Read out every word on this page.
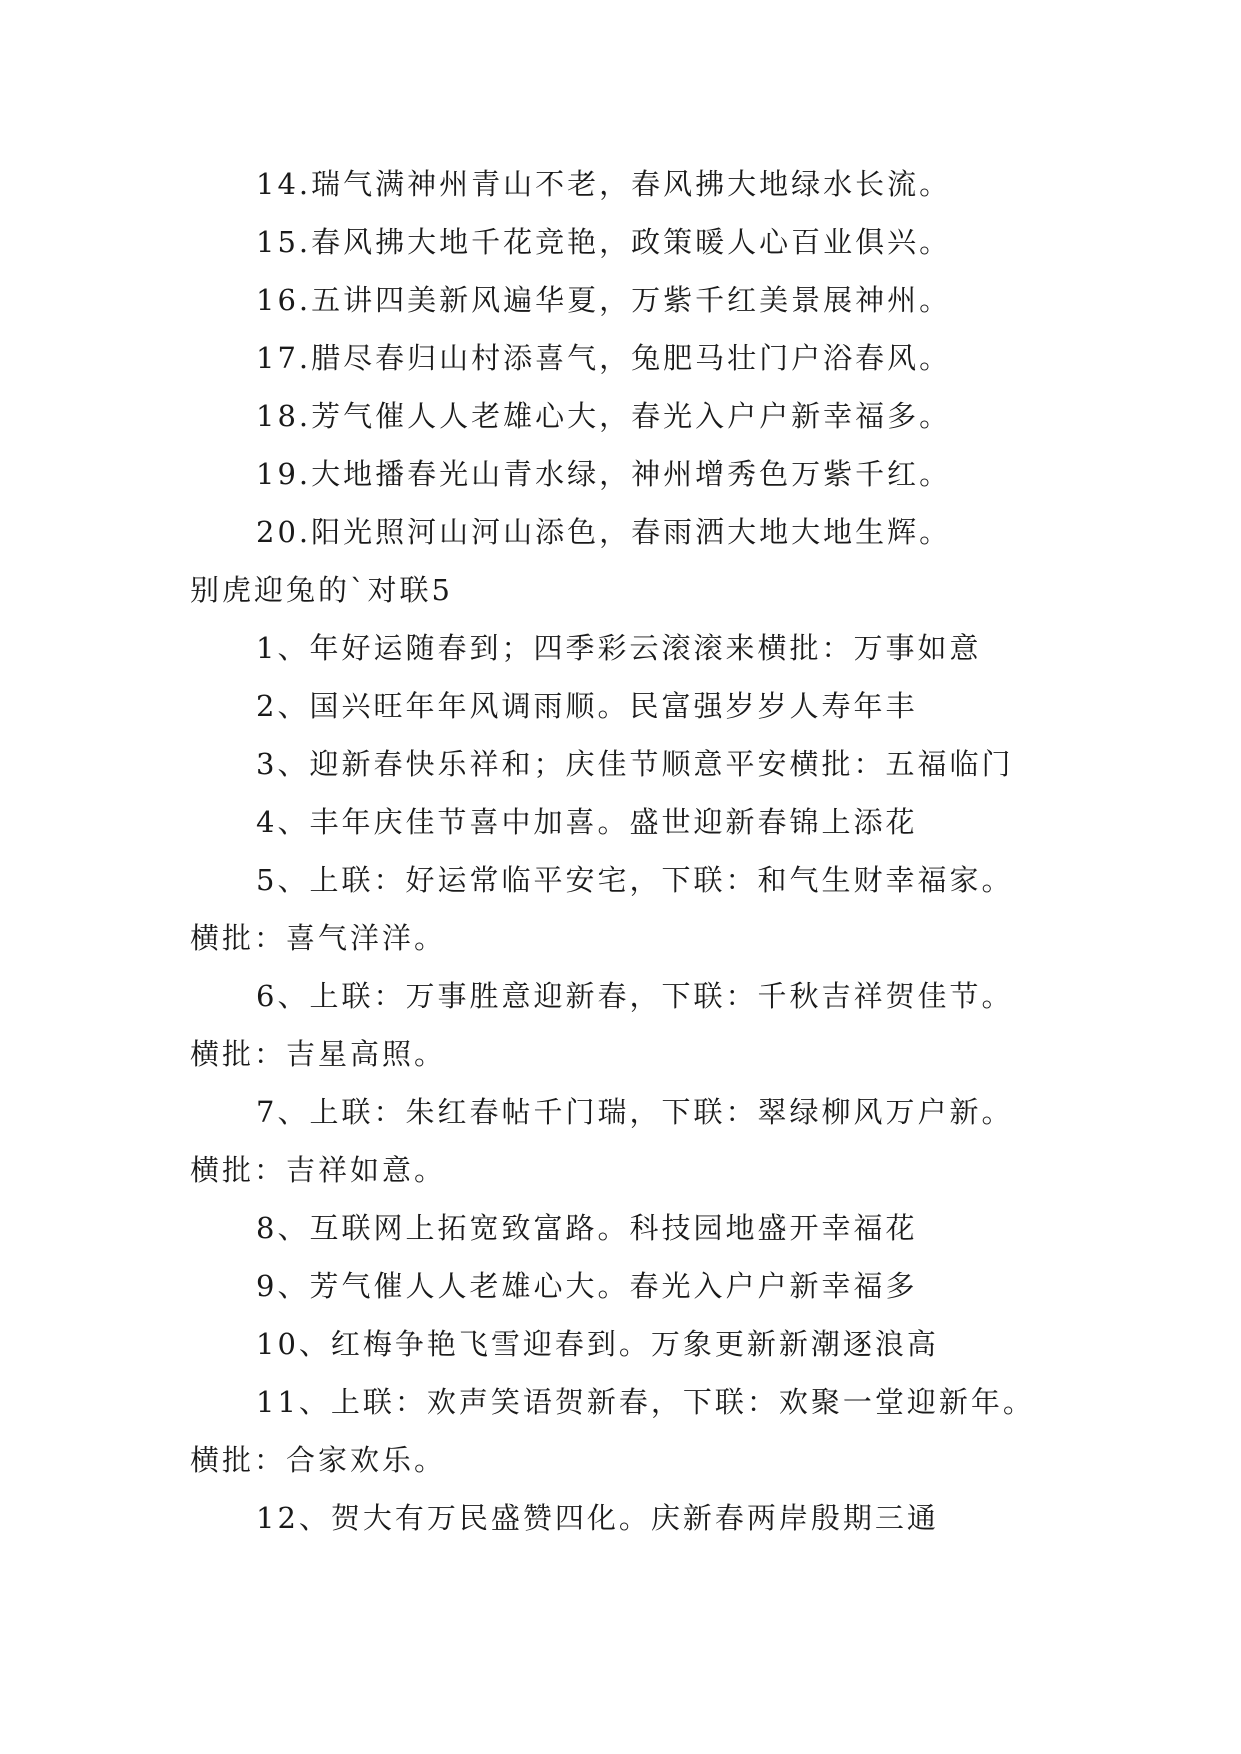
14.瑞气满神州青山不老，春风拂大地绿水长流。
15.春风拂大地千花竞艳，政策暖人心百业俱兴。
16.五讲四美新风遍华夏，万紫千红美景展神州。
17.腊尽春归山村添喜气，兔肥马壮门户浴春风。
18.芳气催人人老雄心大，春光入户户新幸福多。
19.大地播春光山青水绿，神州增秀色万紫千红。
20.阳光照河山河山添色，春雨洒大地大地生辉。
别虎迎兔的`对联5
1、年好运随春到；四季彩云滚滚来横批：万事如意
2、国兴旺年年风调雨顺。民富强岁岁人寿年丰
3、迎新春快乐祥和；庆佳节顺意平安横批：五福临门
4、丰年庆佳节喜中加喜。盛世迎新春锦上添花
5、上联：好运常临平安宅，下联：和气生财幸福家。
横批：喜气洋洋。
6、上联：万事胜意迎新春，下联：千秋吉祥贺佳节。
横批：吉星高照。
7、上联：朱红春帖千门瑞，下联：翠绿柳风万户新。
横批：吉祥如意。
8、互联网上拓宽致富路。科技园地盛开幸福花
9、芳气催人人老雄心大。春光入户户新幸福多
10、红梅争艳飞雪迎春到。万象更新新潮逐浪高
11、上联：欢声笑语贺新春，下联：欢聚一堂迎新年。
横批：合家欢乐。
12、贺大有万民盛赞四化。庆新春两岸殷期三通
